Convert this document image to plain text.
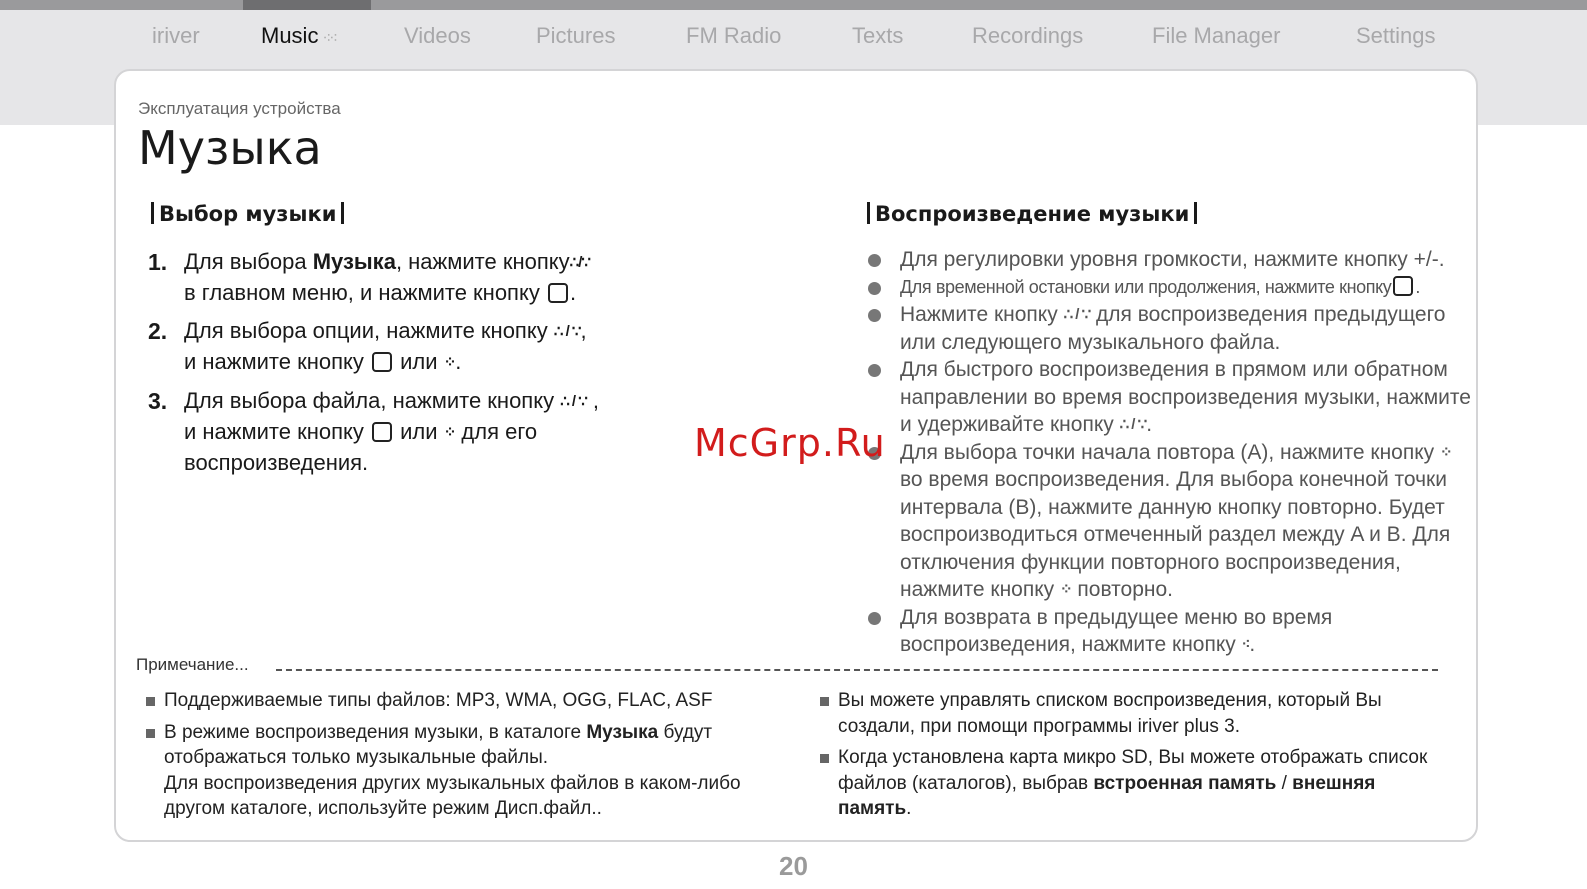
iriver	Music ⁖⁖	Videos	Pictures	FM Radio	Texts	Recordings	File Manager	Settings
Эксплуатация устройства
Музыка
Выбор музыки
1. Для выбора Музыка, нажмите кнопку∴/∵
в главном меню, и нажмите кнопку .
2. Для выбора опции, нажмите кнопку ∴ / ∵,
и нажмите кнопку или ⁘.
3. Для выбора файла, нажмите кнопку ∴ / ∵ ,
и нажмите кнопку или ⁘ для его
воспроизведения.
Воспроизведение музыки
Для регулировки уровня громкости, нажмите кнопку +/-.
Для временной остановки или продолжения, нажмите кнопку .
Нажмите кнопку ∴ / ∵ для воспроизведения предыдущего или следующего музыкального файла.
Для быстрого воспроизведения в прямом или обратном направлении во время воспроизведения музыки, нажмите и удерживайте кнопку ∴ / ∵.
Для выбора точки начала повтора (A), нажмите кнопку ⁘ во время воспроизведения. Для выбора конечной точки интервала (B), нажмите данную кнопку повторно. Будет воспроизводиться отмеченный раздел между A и B. Для отключения функции повторного воспроизведения, нажмите кнопку ⁘ повторно.
Для возврата в предыдущее меню во время воспроизведения, нажмите кнопку ⁖.
Примечание...
Поддерживаемые типы файлов: MP3, WMA, OGG, FLAC, ASF
В режиме воспроизведения музыки, в каталоге Музыка будут отображаться только музыкальные файлы.
Для воспроизведения других музыкальных файлов в каком-либо другом каталоге, используйте режим Дисп.файл..
Вы можете управлять списком воспроизведения, который Вы создали, при помощи программы iriver plus 3.
Когда установлена карта микро SD, Вы можете отображать список файлов (каталогов), выбрав встроенная память / внешняя память.
McGrp.Ru
20
